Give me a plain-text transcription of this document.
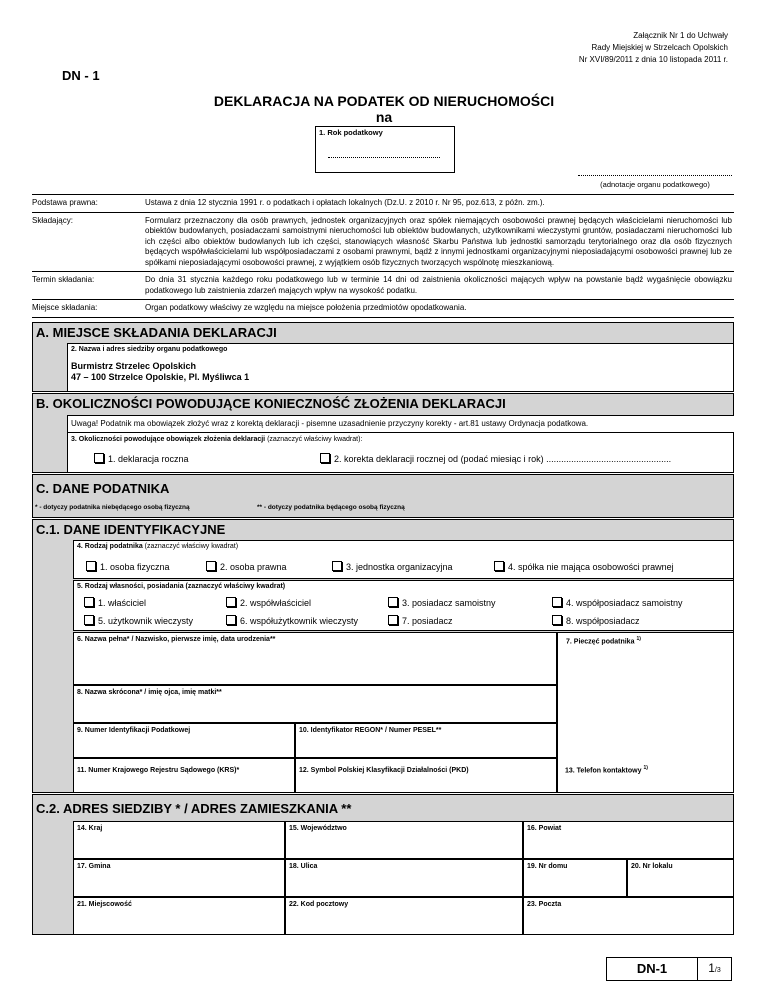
Załącznik Nr 1 do Uchwały
Rady Miejskiej w Strzelcach Opolskich
Nr XVI/89/2011 z dnia 10 listopada 2011 r.
DN - 1
DEKLARACJA NA PODATEK OD NIERUCHOMOŚCI
na
1. Rok podatkowy
(adnotacje organu podatkowego)
Podstawa prawna:	Ustawa z dnia 12 stycznia 1991 r. o podatkach i opłatach lokalnych (Dz.U. z 2010 r. Nr 95, poz.613, z późn. zm.).
Składający:	Formularz przeznaczony dla osób prawnych, jednostek organizacyjnych oraz spółek niemających osobowości prawnej będących właścicielami nieruchomości lub obiektów budowlanych, posiadaczami samoistnymi nieruchomości lub obiektów budowlanych, użytkownikami wieczystymi gruntów, posiadaczami nieruchomości lub ich części albo obiektów budowlanych lub ich części, stanowiących własność Skarbu Państwa lub jednostki samorządu terytorialnego oraz dla osób fizycznych będących współwłaścicielami lub współposiadaczami z osobami prawnymi, bądź z innymi jednostkami organizacyjnymi nieposiadającymi osobowości prawnej lub ze spółkami nieposiadającymi osobowości prawnej, z wyjątkiem osób fizycznych tworzących wspólnotę mieszkaniową.
Termin składania:	Do dnia 31 stycznia każdego roku podatkowego lub w terminie 14 dni od zaistnienia okoliczności mających wpływ na powstanie bądź wygaśnięcie obowiązku podatkowego lub zaistnienia zdarzeń mających wpływ na wysokość podatku.
Miejsce składania:	Organ podatkowy właściwy ze względu na miejsce położenia przedmiotów opodatkowania.
A. MIEJSCE SKŁADANIA DEKLARACJI
2. Nazwa i adres siedziby organu podatkowego
Burmistrz Strzelec Opolskich
47 – 100 Strzelce Opolskie, Pl. Myśliwca 1
B. OKOLICZNOŚCI POWODUJĄCE KONIECZNOŚĆ ZŁOŻENIA DEKLARACJI
Uwaga! Podatnik ma obowiązek złożyć wraz z korektą deklaracji - pisemne uzasadnienie przyczyny korekty - art.81 ustawy Ordynacja podatkowa.
3. Okoliczności powodujące obowiązek złożenia deklaracji (zaznaczyć właściwy kwadrat):
1. deklaracja roczna	2. korekta deklaracji rocznej od (podać miesiąc i rok) ..................................................
C. DANE PODATNIKA
* - dotyczy podatnika niebędącego osobą fizyczną	** - dotyczy podatnika będącego osobą fizyczną
C.1. DANE IDENTYFIKACYJNE
4. Rodzaj podatnika (zaznaczyć właściwy kwadrat)
1. osoba fizyczna	2. osoba prawna	3. jednostka organizacyjna	4. spółka nie mająca osobowości prawnej
5. Rodzaj własności, posiadania (zaznaczyć właściwy kwadrat)
1. właściciel	2. współwłaściciel	3. posiadacz samoistny	4. współposiadacz samoistny
5. użytkownik wieczysty	6. współużytkownik wieczysty	7. posiadacz	8. współposiadacz
6. Nazwa pełna* / Nazwisko, pierwsze imię, data urodzenia**	7. Pieczęć podatnika $^{1)}$
8. Nazwa skrócona* / imię ojca, imię matki**
9. Numer Identyfikacji Podatkowej	10. Identyfikator REGON* / Numer PESEL**
11. Numer Krajowego Rejestru Sądowego (KRS)*	12. Symbol Polskiej Klasyfikacji Działalności (PKD)	13. Telefon kontaktowy $^{1)}$
C.2. ADRES SIEDZIBY * / ADRES ZAMIESZKANIA **
14. Kraj	15. Województwo	16. Powiat
17. Gmina	18. Ulica	19. Nr domu	20. Nr lokalu
21. Miejscowość	22. Kod pocztowy	23. Poczta
DN-1	1/3
